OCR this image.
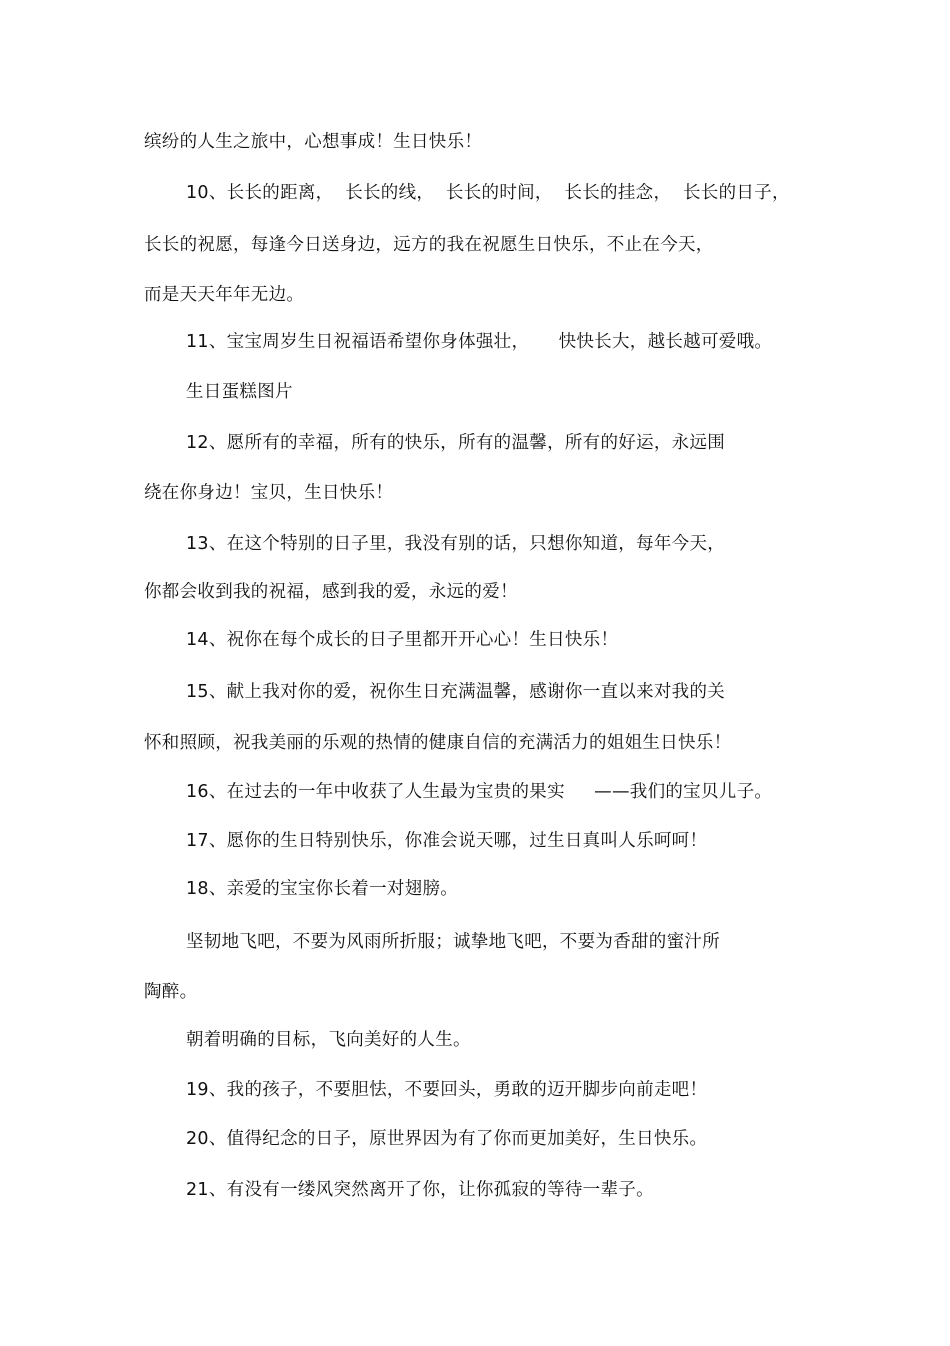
缤纷的人生之旅中，心想事成！生日快乐！
10、长长的距离，  长长的线，  长长的时间，  长长的挂念，  长长的日子，
长长的祝愿，每逢今日送身边，远方的我在祝愿生日快乐，不止在今天，
而是天天年年无边。
11、宝宝周岁生日祝福语希望你身体强壮，     快快长大，越长越可爱哦。
生日蛋糕图片
12、愿所有的幸福，所有的快乐，所有的温馨，所有的好运，永远围
绕在你身边！宝贝，生日快乐！
13、在这个特别的日子里，我没有别的话，只想你知道，每年今天，
你都会收到我的祝福，感到我的爱，永远的爱！
14、祝你在每个成长的日子里都开开心心！生日快乐！
15、献上我对你的爱，祝你生日充满温馨，感谢你一直以来对我的关
怀和照顾，祝我美丽的乐观的热情的健康自信的充满活力的姐姐生日快乐！
16、在过去的一年中收获了人生最为宝贵的果实     ——我们的宝贝儿子。
17、愿你的生日特别快乐，你准会说天哪，过生日真叫人乐呵呵！
18、亲爱的宝宝你长着一对翅膀。
坚韧地飞吧，不要为风雨所折服；诚挚地飞吧，不要为香甜的蜜汁所
陶醉。
朝着明确的目标，飞向美好的人生。
19、我的孩子，不要胆怯，不要回头，勇敢的迈开脚步向前走吧！
20、值得纪念的日子，原世界因为有了你而更加美好，生日快乐。
21、有没有一缕风突然离开了你，让你孤寂的等待一辈子。
